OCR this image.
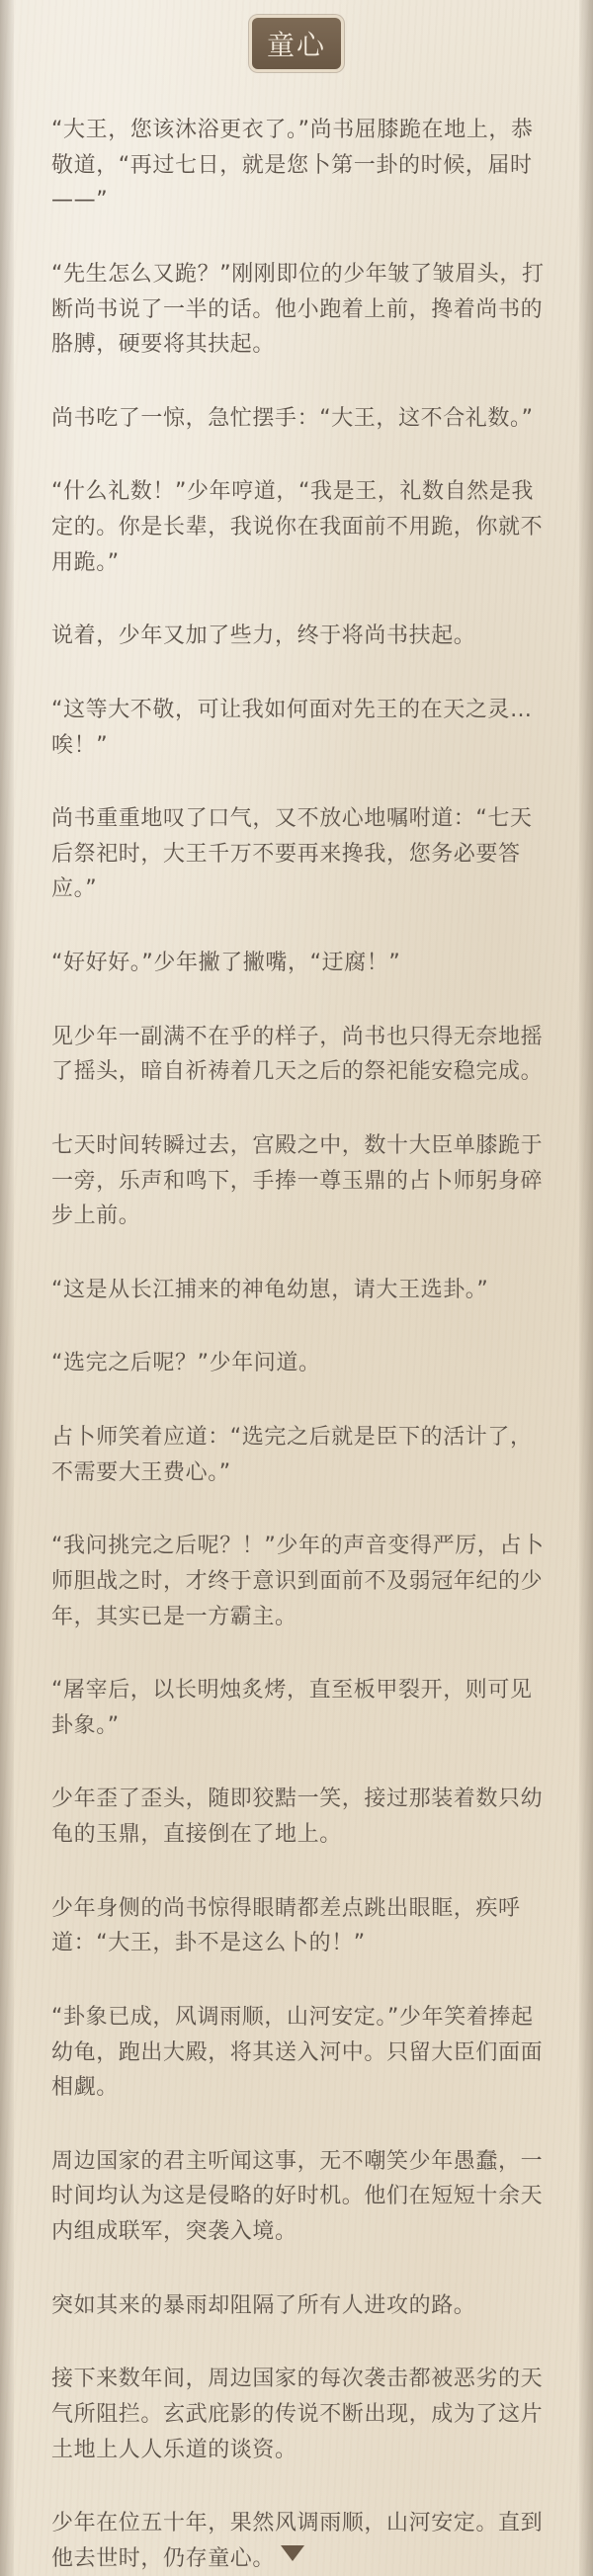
童心

“大王，您该沐浴更衣了。”尚书屈膝跪在地上，恭敬道，“再过七日，就是您卜第一卦的时候，届时——”

“先生怎么又跪？”刚刚即位的少年皱了皱眉头，打断尚书说了一半的话。他小跑着上前，搀着尚书的胳膊，硬要将其扶起。

尚书吃了一惊，急忙摆手：“大王，这不合礼数。”

“什么礼数！”少年哼道，“我是王，礼数自然是我定的。你是长辈，我说你在我面前不用跪，你就不用跪。”

说着，少年又加了些力，终于将尚书扶起。

“这等大不敬，可让我如何面对先王的在天之灵…唉！”

尚书重重地叹了口气，又不放心地嘱咐道：“七天后祭祀时，大王千万不要再来搀我，您务必要答应。”

“好好好。”少年撇了撇嘴，“迂腐！”

见少年一副满不在乎的样子，尚书也只得无奈地摇了摇头，暗自祈祷着几天之后的祭祀能安稳完成。

七天时间转瞬过去，宫殿之中，数十大臣单膝跪于一旁，乐声和鸣下，手捧一尊玉鼎的占卜师躬身碎步上前。

“这是从长江捕来的神龟幼崽，请大王选卦。”

“选完之后呢？”少年问道。

占卜师笑着应道：“选完之后就是臣下的活计了，不需要大王费心。”

“我问挑完之后呢？！”少年的声音变得严厉，占卜师胆战之时，才终于意识到面前不及弱冠年纪的少年，其实已是一方霸主。

“屠宰后，以长明烛炙烤，直至板甲裂开，则可见卦象。”

少年歪了歪头，随即狡黠一笑，接过那装着数只幼龟的玉鼎，直接倒在了地上。

少年身侧的尚书惊得眼睛都差点跳出眼眶，疾呼道：“大王，卦不是这么卜的！”

“卦象已成，风调雨顺，山河安定。”少年笑着捧起幼龟，跑出大殿，将其送入河中。只留大臣们面面相觑。

周边国家的君主听闻这事，无不嘲笑少年愚蠢，一时间均认为这是侵略的好时机。他们在短短十余天内组成联军，突袭入境。

突如其来的暴雨却阻隔了所有人进攻的路。

接下来数年间，周边国家的每次袭击都被恶劣的天气所阻拦。玄武庇影的传说不断出现，成为了这片土地上人人乐道的谈资。

少年在位五十年，果然风调雨顺，山河安定。直到他去世时，仍存童心。
